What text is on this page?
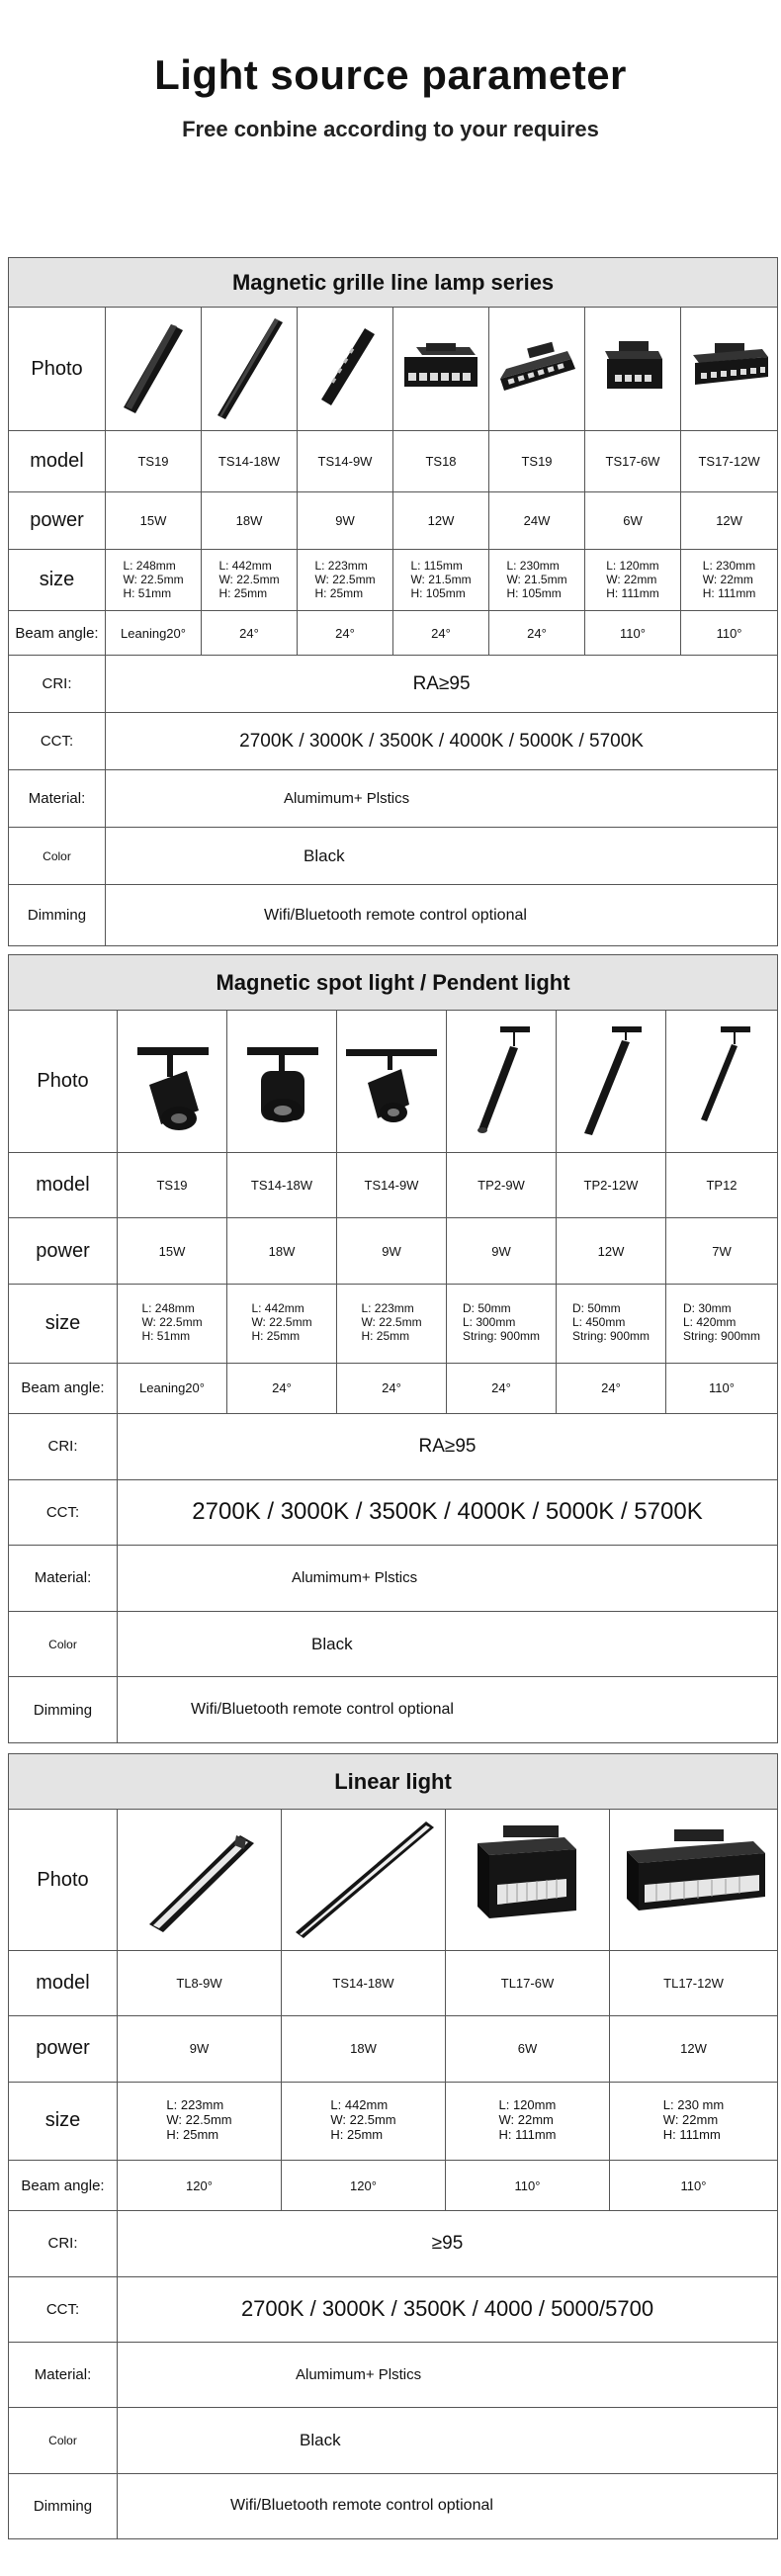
Light source parameter

Free conbine according to your requires

Magnetic grille line lamp series							
Photo	

model	TS19	TS14-18W	TS14-9W	TS18	TS19	TS17-6W	TS17-12W
power	15W	18W	9W	12W	24W	6W	12W
size	L: 248mm
W: 22.5mm
H: 51mm	L: 442mm
W: 22.5mm
H: 25mm	L: 223mm
W: 22.5mm
H: 25mm	L: 115mm
W: 21.5mm
H: 105mm	L: 230mm
W: 21.5mm
H: 105mm	L: 120mm
W: 22mm
H: 111mm	L: 230mm
W: 22mm
H: 111mm

Beam angle:	Leaning20°	24°	24°	24°	24°	110°	110°
CRI:	RA≥95						
CCT:	2700K / 3000K / 3500K / 4000K / 5000K / 5700K						
Material:	Alumimum+ Plstics						
Color	Black						
Dimming	Wifi/Bluetooth remote control optional						
Magnetic spot light / Pendent light						
Photo	

model	TS19	TS14-18W	TS14-9W	TP2-9W	TP2-12W	TP12
power	15W	18W	9W	9W	12W	7W
size	L: 248mm
W: 22.5mm
H: 51mm	L: 442mm
W: 22.5mm
H: 25mm	L: 223mm
W: 22.5mm
H: 25mm	D: 50mm
L: 300mm
String: 900mm	D: 50mm
L: 450mm
String: 900mm	D: 30mm
L: 420mm
String: 900mm

Beam angle:	Leaning20°	24°	24°	24°	24°	110°
CRI:	RA≥95					
CCT:	2700K / 3000K / 3500K / 4000K / 5000K / 5700K					
Material:	Alumimum+ Plstics					
Color	Black					
Dimming	Wifi/Bluetooth remote control optional					
Linear light				
Photo	

model	TL8-9W	TS14-18W	TL17-6W	TL17-12W
power	9W	18W	6W	12W
size	L: 223mm
W: 22.5mm
H: 25mm	L: 442mm
W: 22.5mm
H: 25mm	L: 120mm
W: 22mm
H: 111mm	L: 230 mm
W: 22mm
H: 111mm

Beam angle:	120°	120°	110°	110°
CRI:	≥95			
CCT:	2700K / 3000K / 3500K / 4000 / 5000/5700			
Material:	Alumimum+ Plstics			
Color	Black			
Dimming	Wifi/Bluetooth remote control optional			
